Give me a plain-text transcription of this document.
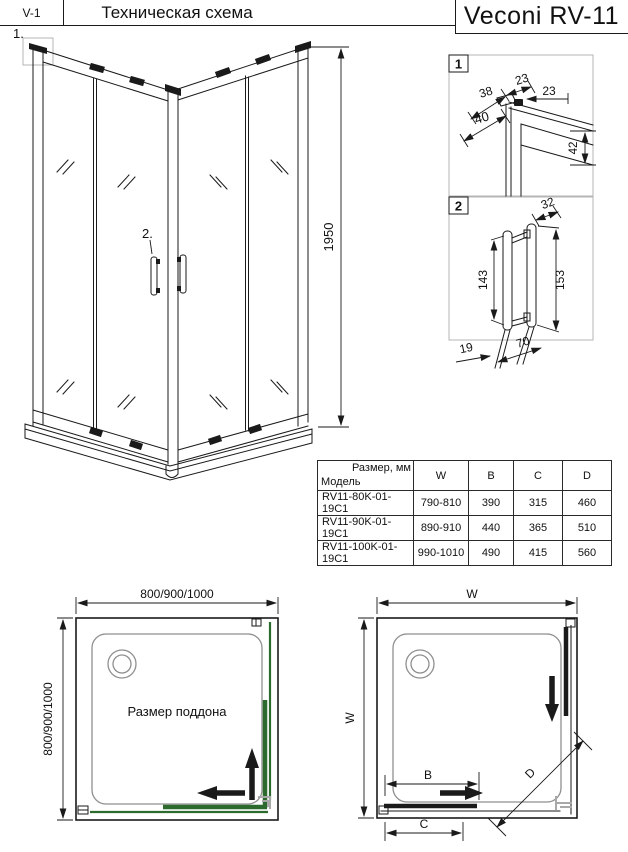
V-1	Техническая схема	Veconi RV-11
1.
2.	1950
1
38
23
23
40
42
2	32
143	153
19	70
Размер, мм
Модель	W	B	C	D
RV11-80K-01-19C1	790-810	390	315	460
RV11-90K-01-19C1	890-910	440	365	510
RV11-100K-01-19C1	990-1010	490	415	560
800/900/1000
800/900/1000	Размер поддона
W
W
B
C
D
